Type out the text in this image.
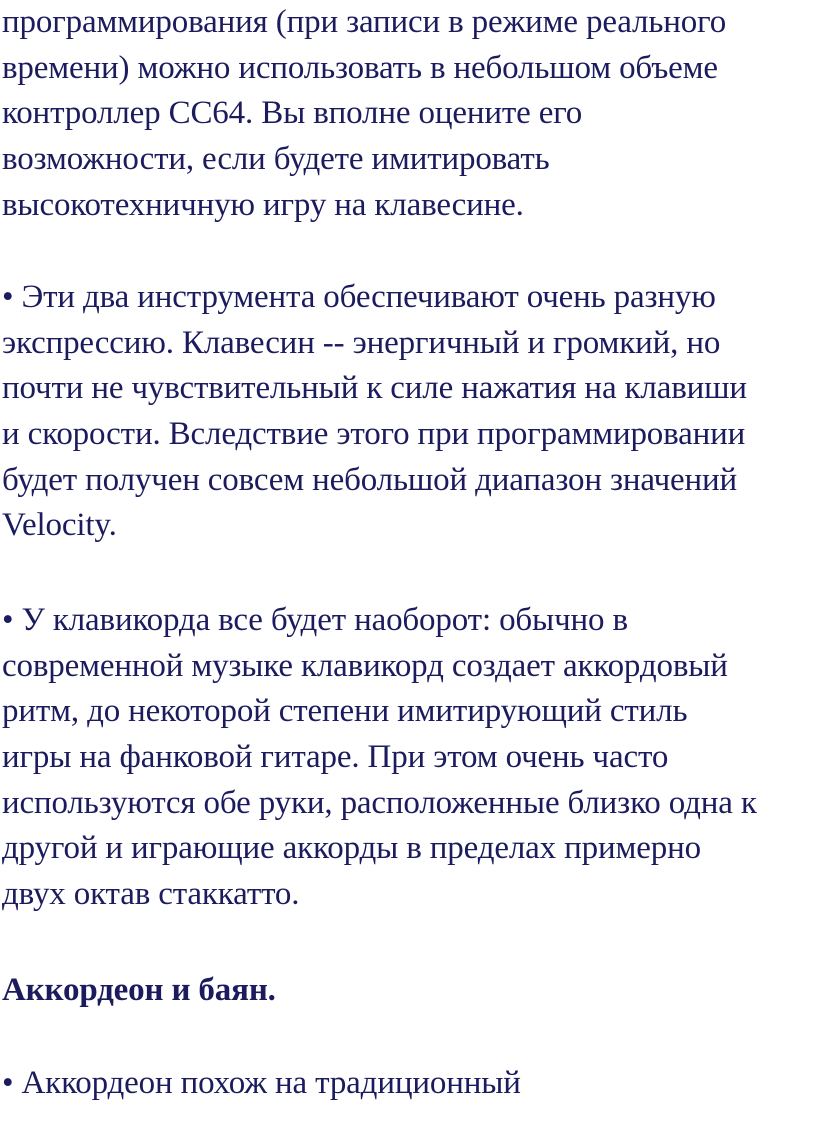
программирования (при записи в режиме реального
времени) можно использовать в небольшом объеме
контроллер СС64. Вы вполне оцените его
возможности, если будете имитировать
высокотехничную игру на клавесине.
• Эти два инструмента обеспечивают очень разную
экспрессию. Клавесин -- энергичный и громкий, но
почти не чувствительный к силе нажатия на клавиши
и скорости. Вследствие этого при программировании
будет получен совсем небольшой диапазон значений
Velocity.
• У клавикорда все будет наоборот: обычно в
современной музыке клавикорд создает аккордовый
ритм, до некоторой степени имитирующий стиль
игры на фанковой гитаре. При этом очень часто
используются обе руки, расположенные близко одна к
другой и играющие аккорды в пределах примерно
двух октав стаккатто.
Аккордеон и баян.
• Аккордеон похож на традиционный
